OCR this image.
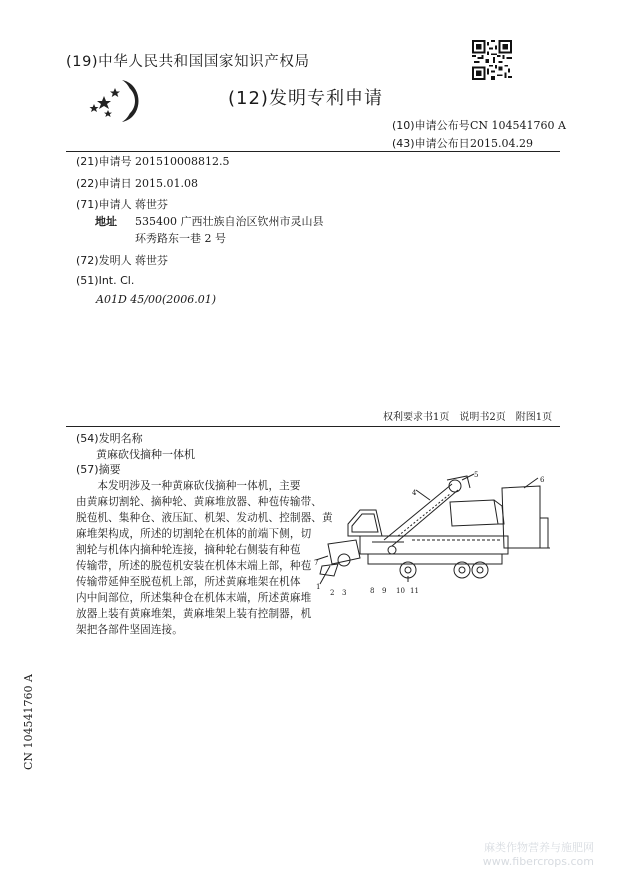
(19)中华人民共和国国家知识产权局
(12)发明专利申请
(10)申请公布号 CN 104541760 A
(43)申请公布日 2015.04.29
(21)申请号 201510008812.5
(22)申请日 2015.01.08
(71)申请人 蒋世芬
地址 535400 广西壮族自治区钦州市灵山县
环秀路东一巷 2 号
(72)发明人 蒋世芬
(51)Int. Cl.
A01D 45/00(2006.01)
权利要求书1页　说明书2页　附图1页
(54)发明名称
黄麻砍伐摘种一体机
(57)摘要
　　本发明涉及一种黄麻砍伐摘种一体机，主要
由黄麻切割轮、摘种轮、黄麻堆放器、种苞传输带、
脱苞机、集种仓、液压缸、机架、发动机、控制器、黄
麻堆架构成，所述的切割轮在机体的前端下侧，切
割轮与机体内摘种轮连接，摘种轮右侧装有种苞
传输带，所述的脱苞机安装在机体末端上部，种苞
传输带延伸至脱苞机上部，所述黄麻堆架在机体
内中间部位，所述集种仓在机体末端，所述黄麻堆
放器上装有黄麻堆架，黄麻堆架上装有控制器，机
架把各部件坚固连接。
5
4
6
1
2 3
7
8 9 10 11
CN 104541760 A
麻类作物营养与施肥网
www.fibercrops.com
